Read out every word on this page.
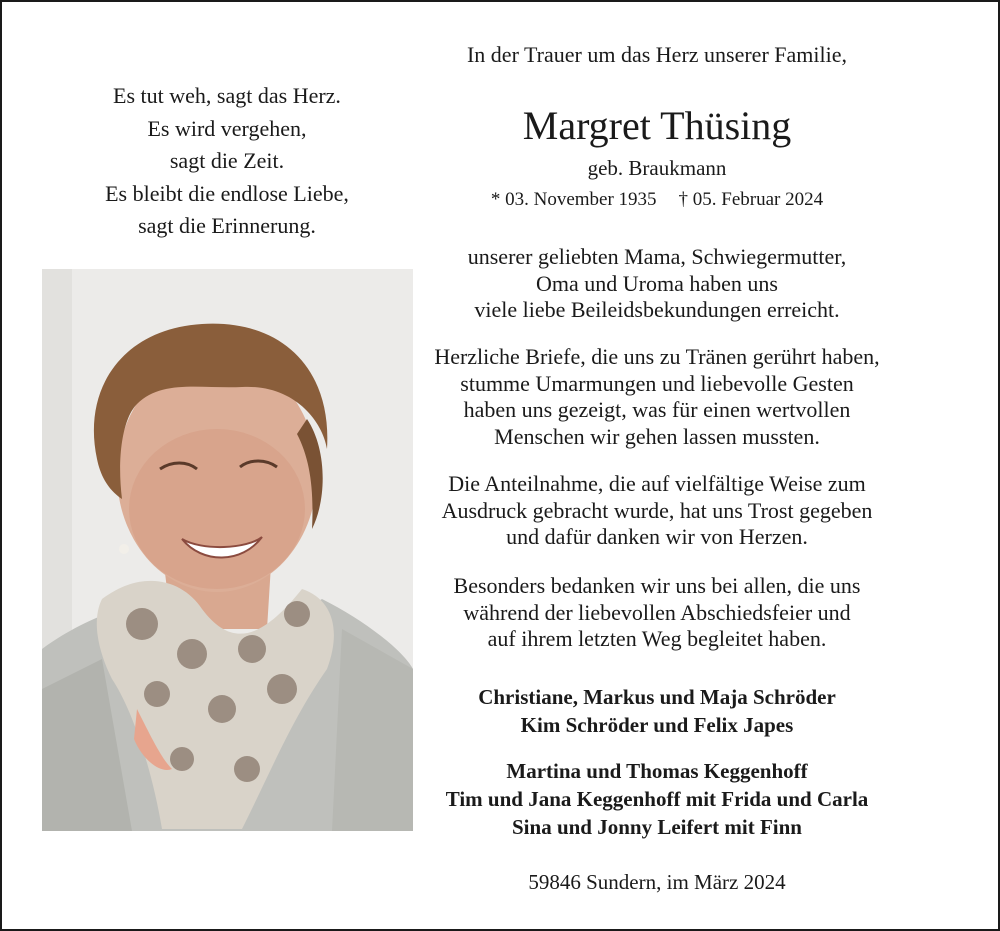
Es tut weh, sagt das Herz.
Es wird vergehen,
sagt die Zeit.
Es bleibt die endlose Liebe,
sagt die Erinnerung.
In der Trauer um das Herz unserer Familie,
Margret Thüsing
geb. Braukmann
* 03. November 1935 † 05. Februar 2024
unserer geliebten Mama, Schwiegermutter,
Oma und Uroma haben uns
viele liebe Beileidsbekundungen erreicht.
Herzliche Briefe, die uns zu Tränen gerührt haben,
stumme Umarmungen und liebevolle Gesten
haben uns gezeigt, was für einen wertvollen
Menschen wir gehen lassen mussten.
Die Anteilnahme, die auf vielfältige Weise zum
Ausdruck gebracht wurde, hat uns Trost gegeben
und dafür danken wir von Herzen.
Besonders bedanken wir uns bei allen, die uns
während der liebevollen Abschiedsfeier und
auf ihrem letzten Weg begleitet haben.
Christiane, Markus und Maja Schröder
Kim Schröder und Felix Japes
Martina und Thomas Keggenhoff
Tim und Jana Keggenhoff mit Frida und Carla
Sina und Jonny Leifert mit Finn
59846 Sundern, im März 2024
